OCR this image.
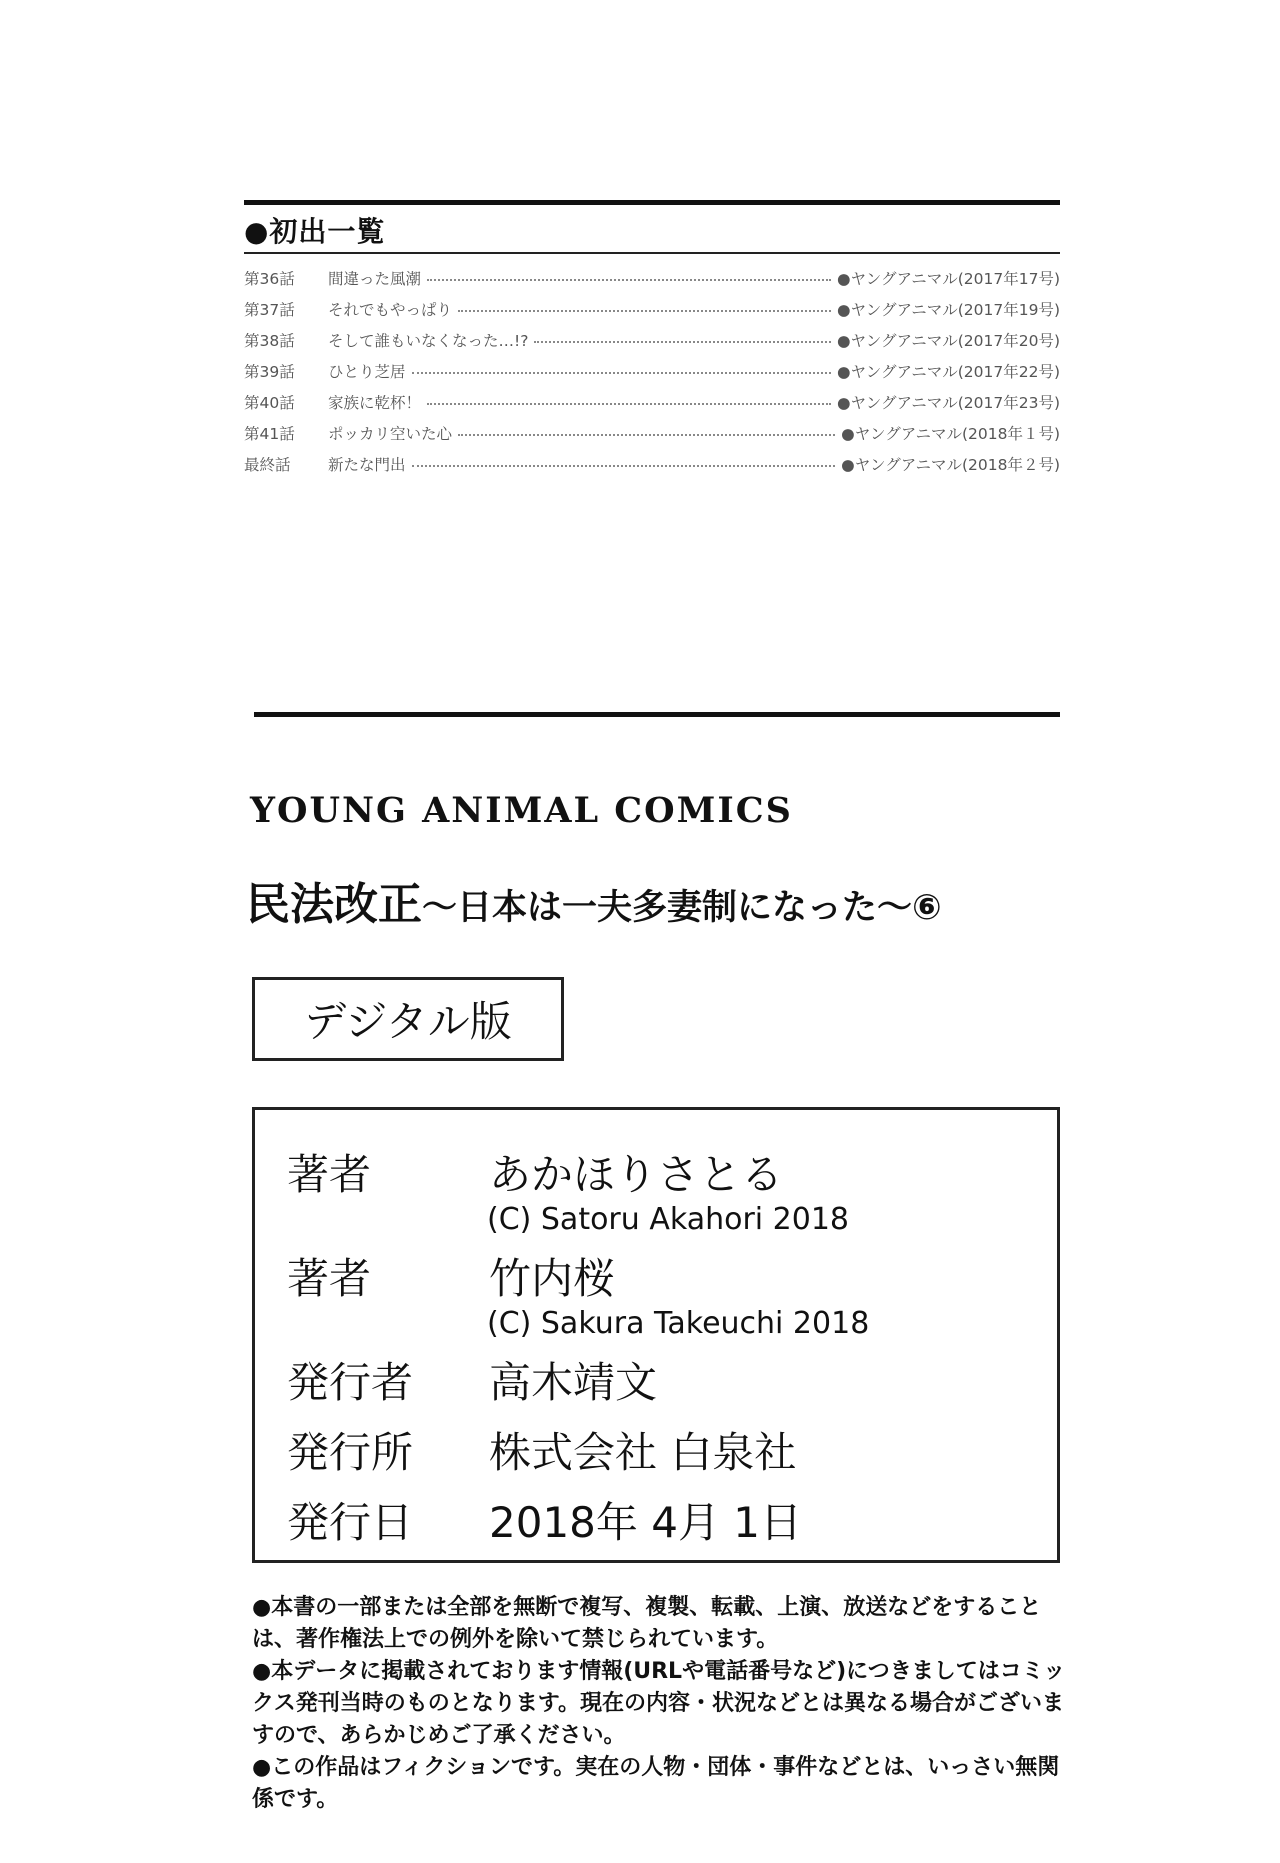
●初出一覧
第36話	間違った風潮	●ヤングアニマル(2017年17号)
第37話	それでもやっぱり	●ヤングアニマル(2017年19号)
第38話	そして誰もいなくなった…!?	●ヤングアニマル(2017年20号)
第39話	ひとり芝居	●ヤングアニマル(2017年22号)
第40話	家族に乾杯！	●ヤングアニマル(2017年23号)
第41話	ポッカリ空いた心	●ヤングアニマル(2018年１号)
最終話	新たな門出	●ヤングアニマル(2018年２号)
YOUNG ANIMAL COMICS
民法改正〜日本は一夫多妻制になった〜⑥
デジタル版
著者	あかほりさとる
(C) Satoru Akahori 2018
著者	竹内桜
(C) Sakura Takeuchi 2018
発行者 高木靖文
発行所 株式会社 白泉社
発行日 2018年 4月 1日

●本書の一部または全部を無断で複写、複製、転載、上演、放送などをすることは、著作権法上での例外を除いて禁じられています。

●本データに掲載されております情報(URLや電話番号など)につきましてはコミックス発刊当時のものとなります。現在の内容・状況などとは異なる場合がございますので、あらかじめご了承ください。

●この作品はフィクションです。実在の人物・団体・事件などとは、いっさい無関係です。
